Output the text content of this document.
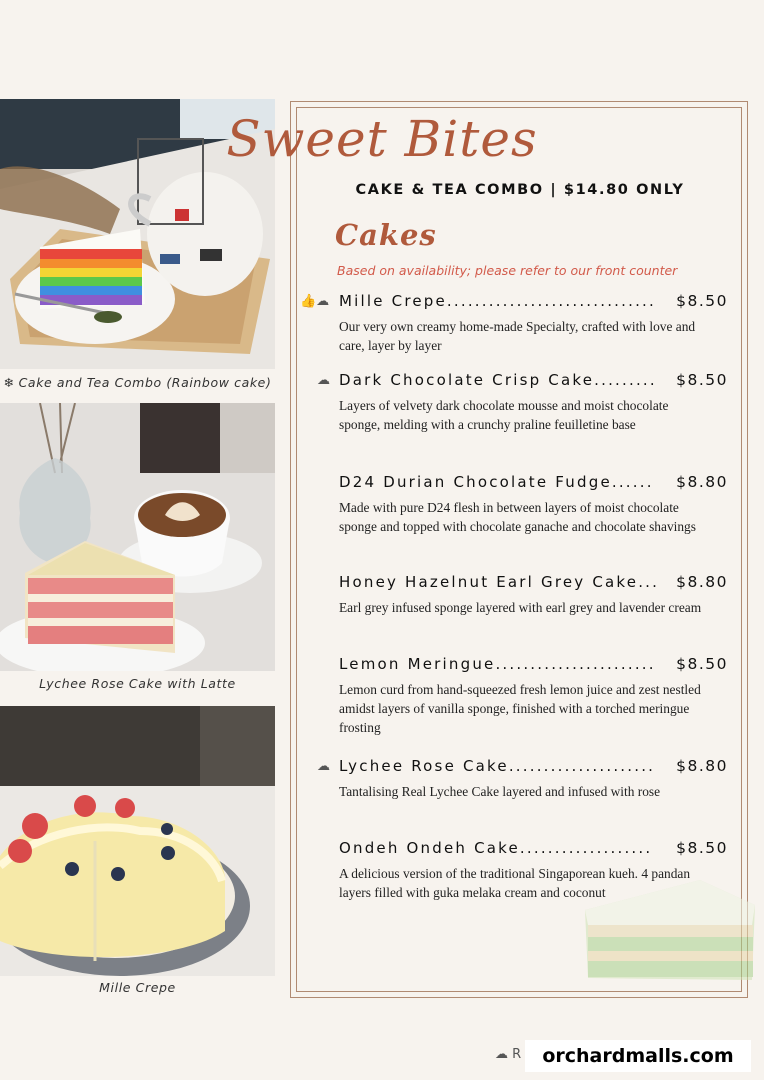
❄ Cake and Tea Combo (Rainbow cake)
Lychee Rose Cake with Latte
Mille Crepe
Sweet Bites
CAKE & TEA COMBO | $14.80 ONLY
Cakes
Based on availability; please refer to our front counter
👍☁ Mille Crepe.............................. $8.50
Our very own creamy home-made Specialty, crafted with love and care, layer by layer
☁ Dark Chocolate Crisp Cake......... $8.50
Layers of velvety dark chocolate mousse and moist chocolate sponge, melding with a crunchy praline feuilletine base
D24 Durian Chocolate Fudge...... $8.80
Made with pure D24 flesh in between layers of moist chocolate sponge and topped with chocolate ganache and chocolate shavings
Honey Hazelnut Earl Grey Cake... $8.80
Earl grey infused sponge layered with earl grey and lavender cream
Lemon Meringue....................... $8.50
Lemon curd from hand-squeezed fresh lemon juice and zest nestled amidst layers of vanilla sponge, finished with a torched meringue frosting
☁ Lychee Rose Cake..................... $8.80
Tantalising Real Lychee Cake layered and infused with rose
Ondeh Ondeh Cake................... $8.50
A delicious version of the traditional Singaporean kueh. 4 pandan layers filled with guka melaka cream and coconut
☁ R	orchardmalls.com
